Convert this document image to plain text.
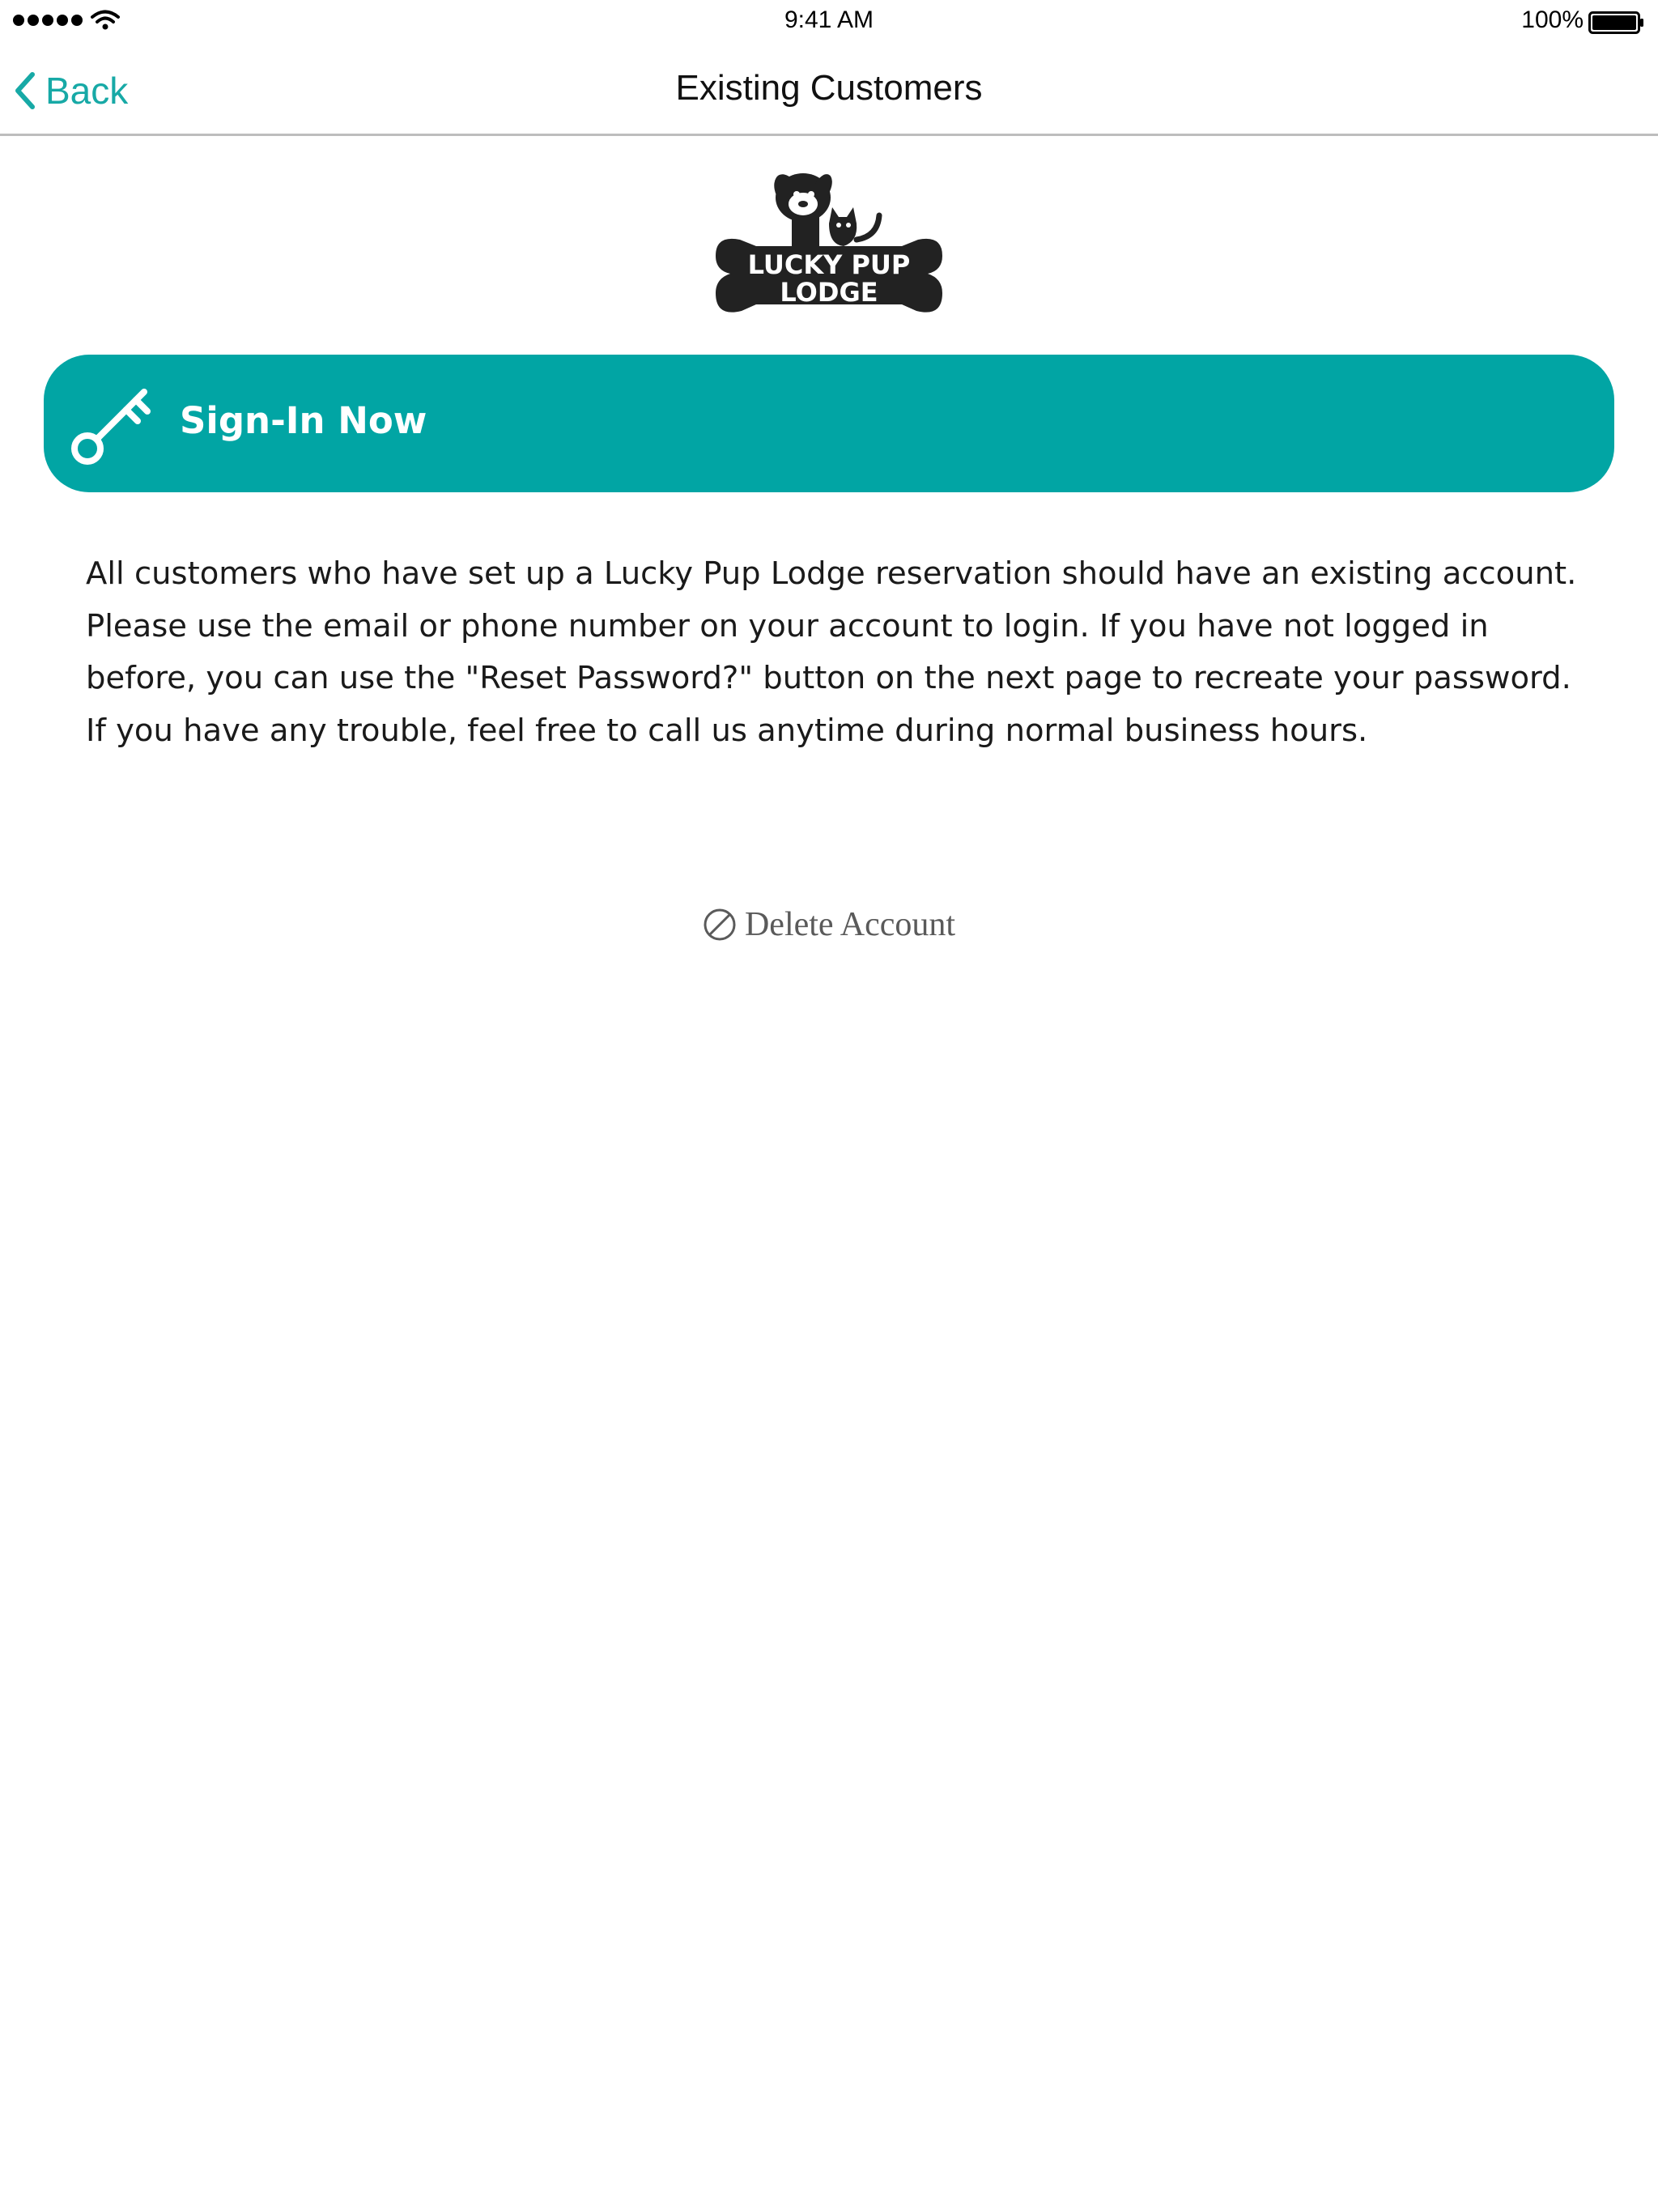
9:41 AM	100%
Back	Existing Customers
LUCKY PUP
LODGE
Sign-In Now

All customers who have set up a Lucky Pup Lodge reservation should have an existing account. Please use the email or phone number on your account to login. If you have not logged in before, you can use the "Reset Password?" button on the next page to recreate your password. If you have any trouble, feel free to call us anytime during normal business hours.

Delete Account
